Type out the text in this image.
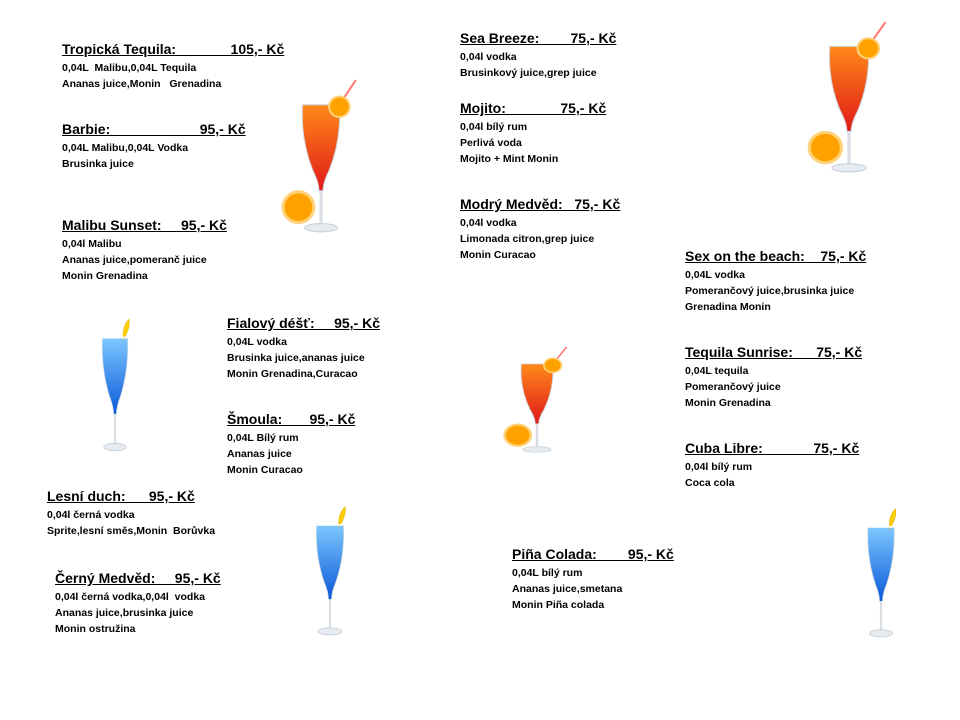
Tropická Tequila:              105,- Kč
0,04L  Malibu,0,04L Tequila
Ananas juice,Monin   Grenadina
Barbie:                       95,- Kč
0,04L Malibu,0,04L Vodka
Brusinka juice
Malibu Sunset:     95,- Kč
0,04l Malibu
Ananas juice,pomeranč juice
Monin Grenadina
Fialový déšť:     95,- Kč
0,04L vodka
Brusinka juice,ananas juice
Monin Grenadina,Curacao
Šmoula:       95,- Kč
0,04L Bílý rum
Ananas juice
Monin Curacao
Lesní duch:      95,- Kč
0,04l černá vodka
Sprite,lesní směs,Monin  Borůvka
Černý Medvěd:     95,- Kč
0,04l černá vodka,0,04l  vodka
Ananas juice,brusinka juice
Monin ostružina
Sea Breeze:        75,- Kč
0,04l vodka
Brusinkový juice,grep juice
Mojito:              75,- Kč
0,04l bílý rum
Perlivá voda
Mojito + Mint Monin
Modrý Medvěd:   75,- Kč
0,04l vodka
Limonada citron,grep juice
Monin Curacao	Sex on the beach:    75,- Kč
0,04L vodka
Pomerančový juice,brusinka juice
Grenadina Monin
Tequila Sunrise:      75,- Kč
0,04L tequila
Pomerančový juice
Monin Grenadina
Cuba Libre:             75,- Kč
0,04l bílý rum
Coca cola
Piña Colada:        95,- Kč
0,04L bílý rum
Ananas juice,smetana
Monin Piña colada
